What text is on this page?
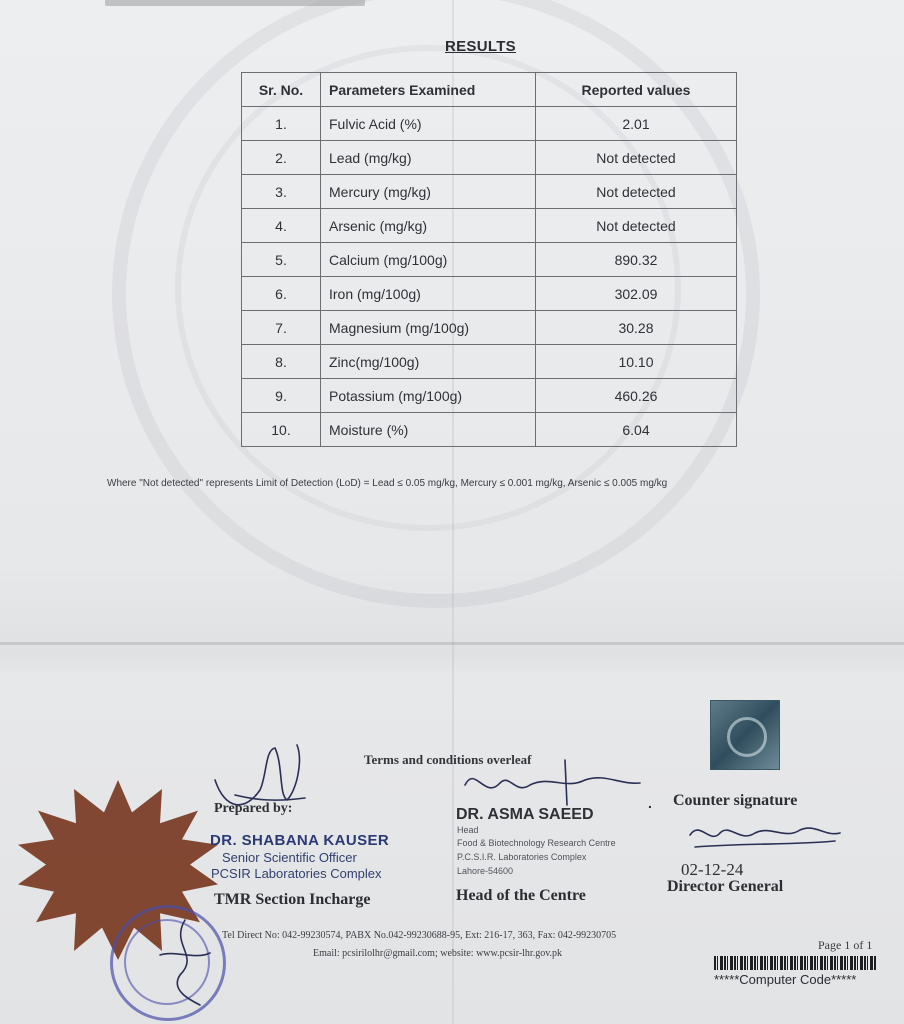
RESULTS
Sr. No.	Parameters Examined	Reported values
1.	Fulvic Acid (%)	2.01
2.	Lead (mg/kg)	Not detected
3.	Mercury (mg/kg)	Not detected
4.	Arsenic (mg/kg)	Not detected
5.	Calcium (mg/100g)	890.32
6.	Iron (mg/100g)	302.09
7.	Magnesium (mg/100g)	30.28
8.	Zinc(mg/100g)	10.10
9.	Potassium (mg/100g)	460.26
10.	Moisture (%)	6.04
Where "Not detected" represents Limit of Detection (LoD) = Lead ≤ 0.05 mg/kg, Mercury ≤ 0.001 mg/kg, Arsenic ≤ 0.005 mg/kg
Terms and conditions overleaf
Prepared by:
DR. SHABANA KAUSER
Senior Scientific Officer
PCSIR Laboratories Complex
TMR Section Incharge
DR. ASMA SAEED
.
Head
Food & Biotechnology Research Centre
P.C.S.I.R. Laboratories Complex
Lahore-54600
Head of the Centre
Counter signature
02-12-24
Director General
Tel Direct No: 042-99230574, PABX No.042-99230688-95, Ext: 216-17, 363, Fax: 042-99230705
Email: pcsirilolhr@gmail.com; website: www.pcsir-lhr.gov.pk
Page 1 of 1
*****Computer Code*****
